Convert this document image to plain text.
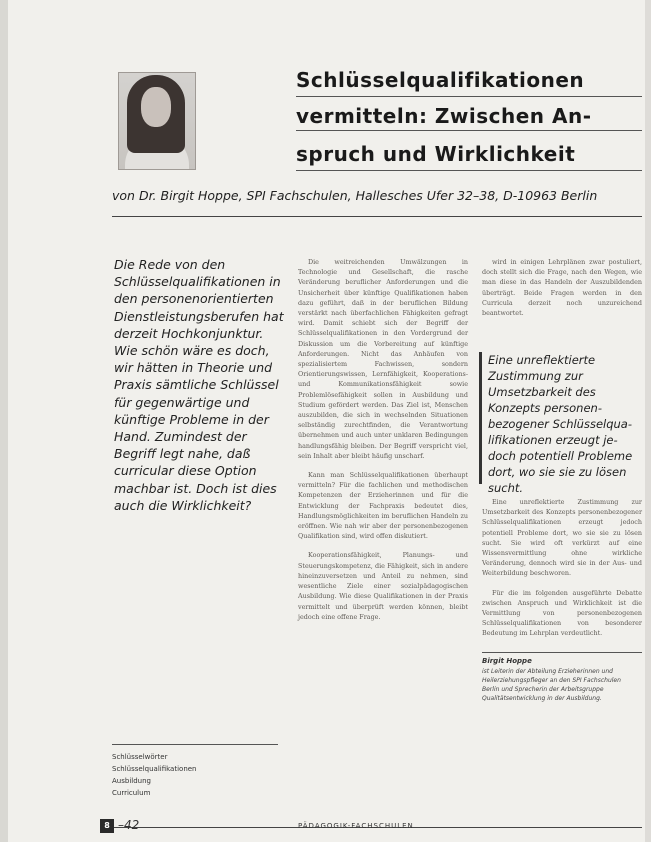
Schlüsselqualifikationen
vermitteln: Zwischen An-
spruch und Wirklichkeit
von Dr. Birgit Hoppe, SPI Fachschulen, Hallesches Ufer 32–38, D-10963 Berlin

Die Rede von den Schlüsselqualifikationen in den personenorientierten Dienstleistungsberufen hat derzeit Hochkonjunktur. Wie schön wäre es doch, wir hätten in Theorie und Praxis sämtliche Schlüssel für gegenwärtige und künftige Probleme in der Hand. Zumindest der Begriff legt nahe, daß curricular diese Option machbar ist. Doch ist dies auch die Wirklichkeit?

Die weitreichenden Umwälzungen in Technologie und Gesellschaft, die rasche Veränderung beruflicher Anforderungen und die Unsicherheit über künftige Qualifikationen haben dazu geführt, daß in der beruflichen Bildung verstärkt nach überfachlichen Fähigkeiten gefragt wird. Damit schiebt sich der Begriff der Schlüsselqualifikationen in den Vordergrund der Diskussion um die Vorbereitung auf künftige Anforderungen. Nicht das Anhäufen von spezialisiertem Fachwissen, sondern Orientierungswissen, Lernfähigkeit, Kooperations- und Kommunikationsfähigkeit sowie Problemlösefähigkeit sollen in Ausbildung und Studium gefördert werden. Das Ziel ist, Menschen auszubilden, die sich in wechselnden Situationen selbständig zurechtfinden, die Verantwortung übernehmen und auch unter unklaren Bedingungen handlungsfähig bleiben. Der Begriff verspricht viel, sein Inhalt aber bleibt häufig unscharf.

Kann man Schlüsselqualifikationen überhaupt vermitteln? Für die fachlichen und methodischen Kompetenzen der Erzieherinnen und für die Entwicklung der Fachpraxis bedeutet dies, Handlungsmöglichkeiten im beruflichen Handeln zu eröffnen. Wie nah wir aber der personenbezogenen Qualifikation sind, wird offen diskutiert.

Kooperationsfähigkeit, Planungs- und Steuerungskompetenz, die Fähigkeit, sich in andere hineinzuversetzen und Anteil zu nehmen, sind wesentliche Ziele einer sozialpädagogischen Ausbildung. Wie diese Qualifikationen in der Praxis vermittelt und überprüft werden können, bleibt jedoch eine offene Frage.

wird in einigen Lehrplänen zwar postuliert, doch stellt sich die Frage, nach den Wegen, wie man diese in das Handeln der Auszubildenden überträgt. Beide Fragen werden in den Curricula derzeit noch unzureichend beantwortet.

Eine unreflektierte Zustimmung zur Umsetzbarkeit des Konzepts personenbezogener Schlüsselqualifikationen erzeugt jedoch potentiell Probleme dort, wo sie sie zu lösen sucht.

Eine unreflektierte Zustimmung zur Umsetzbarkeit des Konzepts personenbezogener Schlüsselqualifikationen erzeugt jedoch potentiell Probleme dort, wo sie sie zu lösen sucht. Sie wird oft verkürzt auf eine Wissensvermittlung ohne wirkliche Veränderung, dennoch wird sie in der Aus- und Weiterbildung beschworen.

Für die im folgenden ausgeführte Debatte zwischen Anspruch und Wirklichkeit ist die Vermittlung von personenbezogenen Schlüsselqualifikationen von besonderer Bedeutung im Lehrplan verdeutlicht.

Schlüsselwörter
Schlüsselqualifikationen
Ausbildung
Curriculum
Birgit Hoppe
ist Leiterin der Abteilung Erzieherinnen und Heilerziehungspfleger an den SPI Fachschulen Berlin und Sprecherin der Arbeitsgruppe Qualitätsentwicklung in der Ausbildung.
8 –42	PÄDAGOGIK-FACHSCHULEN
